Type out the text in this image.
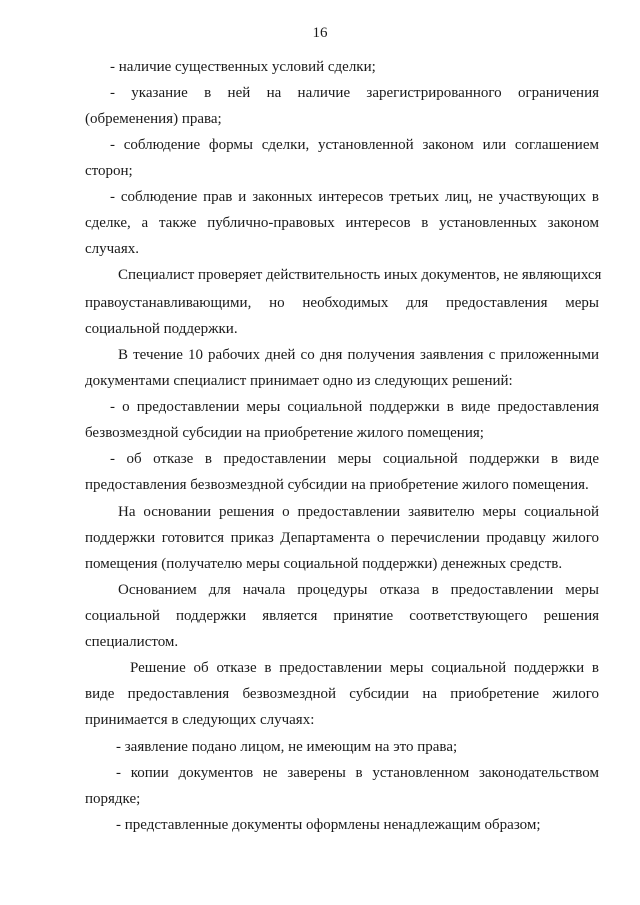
16
- наличие существенных условий сделки;
- указание в ней на наличие зарегистрированного ограничения
(обременения) права;
- соблюдение формы сделки, установленной законом или соглашением
сторон;
- соблюдение прав и законных интересов третьих лиц, не участвующих в
сделке, а также публично-правовых интересов в установленных законом
случаях.
Специалист проверяет действительность иных документов, не являющихся
правоустанавливающими, но необходимых для предоставления меры
социальной поддержки.
В течение 10 рабочих дней со дня получения заявления с приложенными
документами специалист принимает одно из следующих решений:
- о предоставлении меры социальной поддержки в виде предоставления
безвозмездной субсидии на приобретение жилого помещения;
- об отказе в предоставлении меры социальной поддержки в виде
предоставления безвозмездной субсидии на приобретение жилого помещения.
На основании решения о предоставлении заявителю меры социальной
поддержки готовится приказ Департамента о перечислении продавцу жилого
помещения (получателю меры социальной поддержки) денежных средств.
Основанием для начала процедуры отказа в предоставлении меры
социальной поддержки является принятие соответствующего решения
специалистом.
Решение об отказе в предоставлении меры социальной поддержки в
виде предоставления безвозмездной субсидии на приобретение жилого
принимается в следующих случаях:
- заявление подано лицом, не имеющим на это права;
- копии документов не заверены в установленном законодательством
порядке;
- представленные документы оформлены ненадлежащим образом;
